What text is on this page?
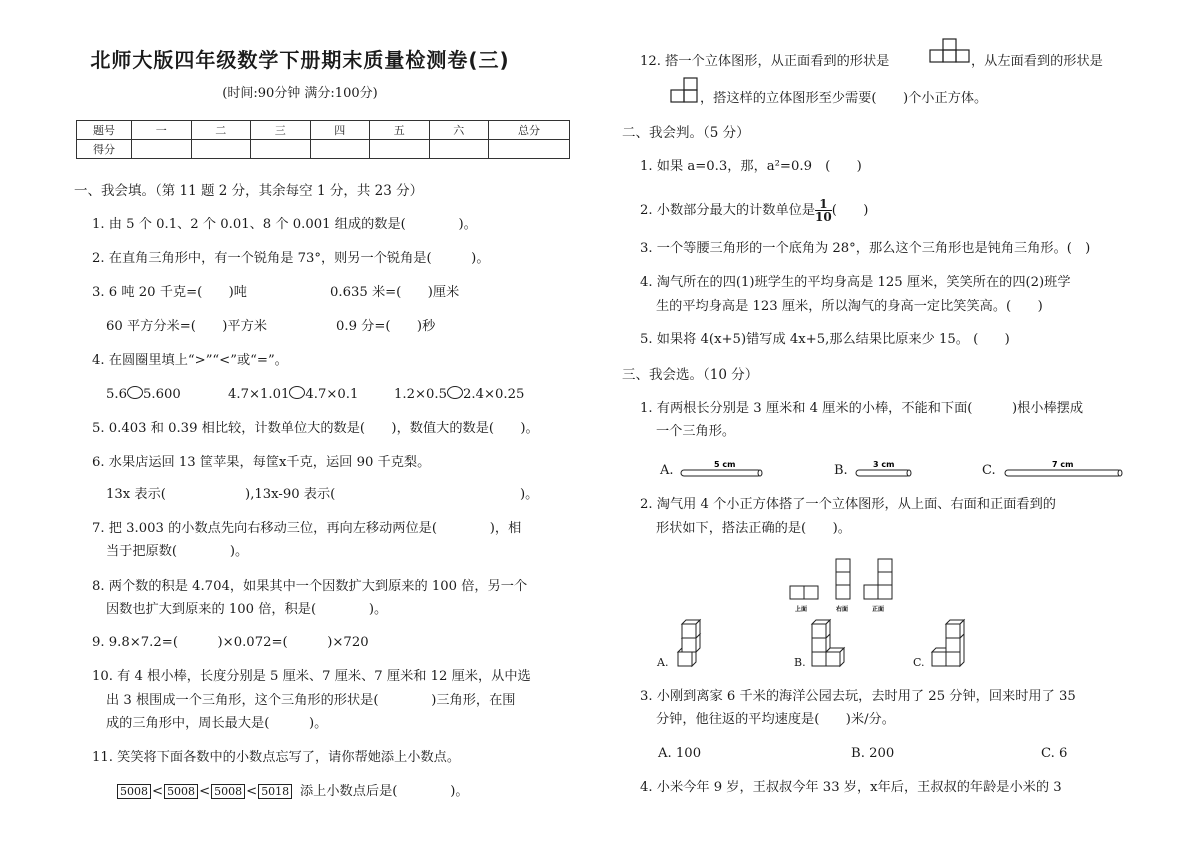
北师大版四年级数学下册期末质量检测卷(三)
(时间:90分钟 满分:100分)
题号	一	二	三	四	五	六	总分
得分							
一、我会填。（第 11 题 2 分，其余每空 1 分，共 23 分）
1. 由 5 个 0.1、2 个 0.01、8 个 0.001 组成的数是(　　　　)。
2. 在直角三角形中，有一个锐角是 73°，则另一个锐角是(　　　)。
3. 6 吨 20 千克=(　　)吨	0.635 米=(　　)厘米
60 平方分米=(　　)平方米	0.9 分=(　　)秒
4. 在圆圈里填上“>”“<”或“=”。
5.6 5.600	4.7×1.01 4.7×0.1	1.2×0.5 2.4×0.25
5. 0.403 和 0.39 相比较，计数单位大的数是(　　)，数值大的数是(　　)。
6. 水果店运回 13 筐苹果，每筐x千克，运回 90 千克梨。
13x 表示(　　　　　　),13x-90 表示(　　　　　　　　　　　　　　)。
7. 把 3.003 的小数点先向右移动三位，再向左移动两位是(　　　　)，相
当于把原数(　　　　)。
8. 两个数的积是 4.704，如果其中一个因数扩大到原来的 100 倍，另一个
因数也扩大到原来的 100 倍，积是(　　　　)。
9. 9.8×7.2=(　　　)×0.072=(　　　)×720
10. 有 4 根小棒，长度分别是 5 厘米、7 厘米、7 厘米和 12 厘米，从中选
出 3 根围成一个三角形，这个三角形的形状是(　　　　)三角形，在围
成的三角形中，周长最大是(　　　)。
11. 笑笑将下面各数中的小数点忘写了，请你帮她添上小数点。
5008 < 5008 < 5008 < 5018 添上小数点后是(　　　　)。
12. 搭一个立体图形，从正面看到的形状是	，从左面看到的形状是
，搭这样的立体图形至少需要(　　)个小正方体。
二、我会判。（5 分）
1. 如果 a=0.3，那，a²=0.9　(　　)
2. 小数部分最大的计数单位是 $\frac{1}{10}$ (　　)
3. 一个等腰三角形的一个底角为 28°，那么这个三角形也是钝角三角形。(　)
4. 淘气所在的四(1)班学生的平均身高是 125 厘米，笑笑所在的四(2)班学
生的平均身高是 123 厘米，所以淘气的身高一定比笑笑高。(　　)
5. 如果将 4(x+5)错写成 4x+5,那么结果比原来少 15。 (　　)
三、我会选。（10 分）
1. 有两根长分别是 3 厘米和 4 厘米的小棒，不能和下面(　　　)根小棒摆成
一个三角形。
A.	5 cm	B.	3 cm	C.	7 cm
2. 淘气用 4 个小正方体搭了一个立体图形，从上面、右面和正面看到的
形状如下，搭法正确的是(　　)。
上面	右面	正面
A.	B.	C.
3. 小刚到离家 6 千米的海洋公园去玩，去时用了 25 分钟，回来时用了 35
分钟，他往返的平均速度是(　　)米/分。
A. 100	B. 200	C. 6
4. 小米今年 9 岁，王叔叔今年 33 岁，x年后，王叔叔的年龄是小米的 3
